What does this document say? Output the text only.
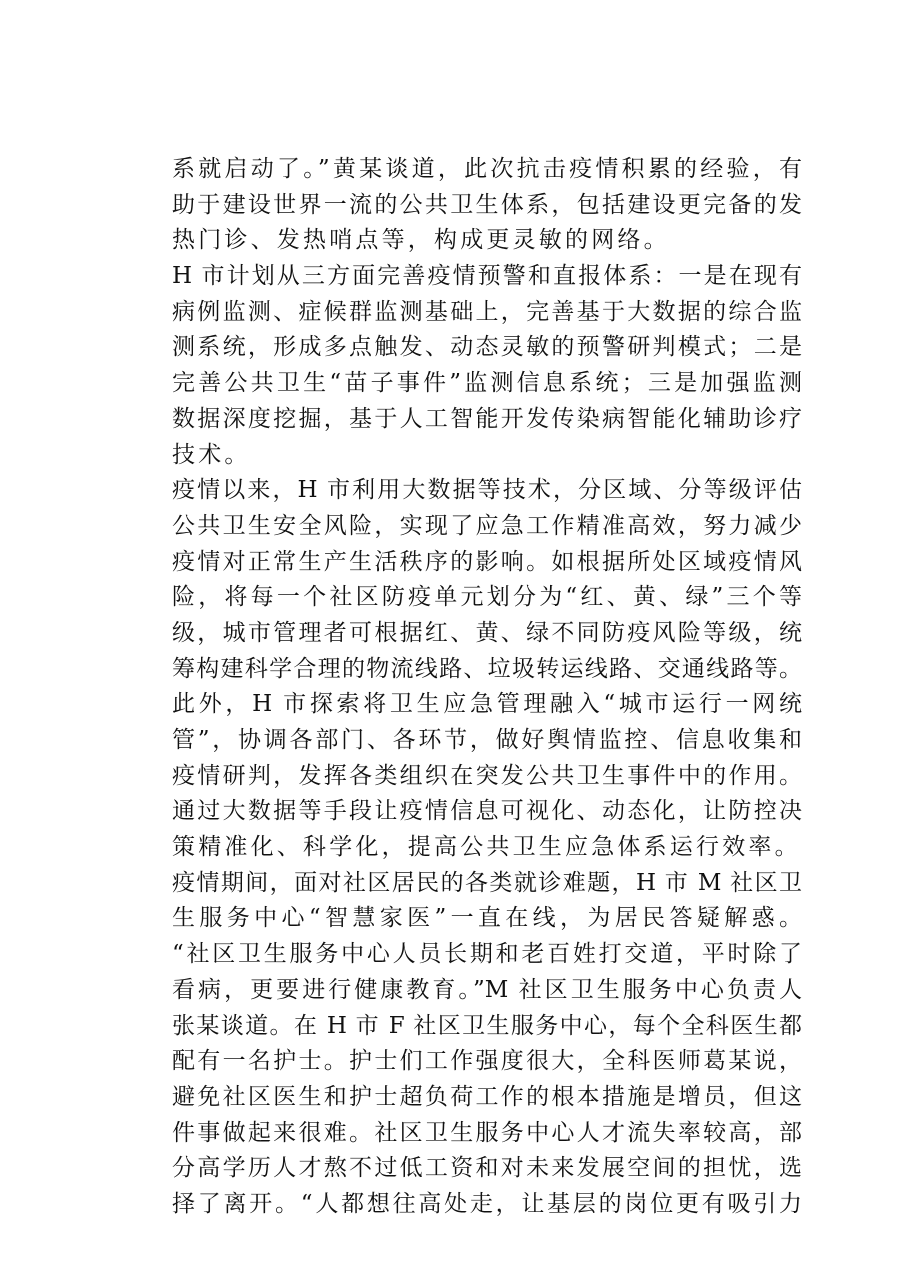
系就启动了。”黄某谈道，此次抗击疫情积累的经验，有
助于建设世界一流的公共卫生体系，包括建设更完备的发
热门诊、发热哨点等，构成更灵敏的网络。
H 市计划从三方面完善疫情预警和直报体系：一是在现有
病例监测、症候群监测基础上，完善基于大数据的综合监
测系统，形成多点触发、动态灵敏的预警研判模式；二是
完善公共卫生“苗子事件”监测信息系统；三是加强监测
数据深度挖掘，基于人工智能开发传染病智能化辅助诊疗
技术。
疫情以来，H 市利用大数据等技术，分区域、分等级评估
公共卫生安全风险，实现了应急工作精准高效，努力减少
疫情对正常生产生活秩序的影响。如根据所处区域疫情风
险，将每一个社区防疫单元划分为“红、黄、绿”三个等
级，城市管理者可根据红、黄、绿不同防疫风险等级，统
筹构建科学合理的物流线路、垃圾转运线路、交通线路等。
此外，H 市探索将卫生应急管理融入“城市运行一网统
管”，协调各部门、各环节，做好舆情监控、信息收集和
疫情研判，发挥各类组织在突发公共卫生事件中的作用。
通过大数据等手段让疫情信息可视化、动态化，让防控决
策精准化、科学化，提高公共卫生应急体系运行效率。
疫情期间，面对社区居民的各类就诊难题，H 市 M 社区卫
生服务中心“智慧家医”一直在线，为居民答疑解惑。
“社区卫生服务中心人员长期和老百姓打交道，平时除了
看病，更要进行健康教育。”M 社区卫生服务中心负责人
张某谈道。在 H 市 F 社区卫生服务中心，每个全科医生都
配有一名护士。护士们工作强度很大，全科医师葛某说，
避免社区医生和护士超负荷工作的根本措施是增员，但这
件事做起来很难。社区卫生服务中心人才流失率较高，部
分高学历人才熬不过低工资和对未来发展空间的担忧，选
择了离开。“人都想往高处走，让基层的岗位更有吸引力
